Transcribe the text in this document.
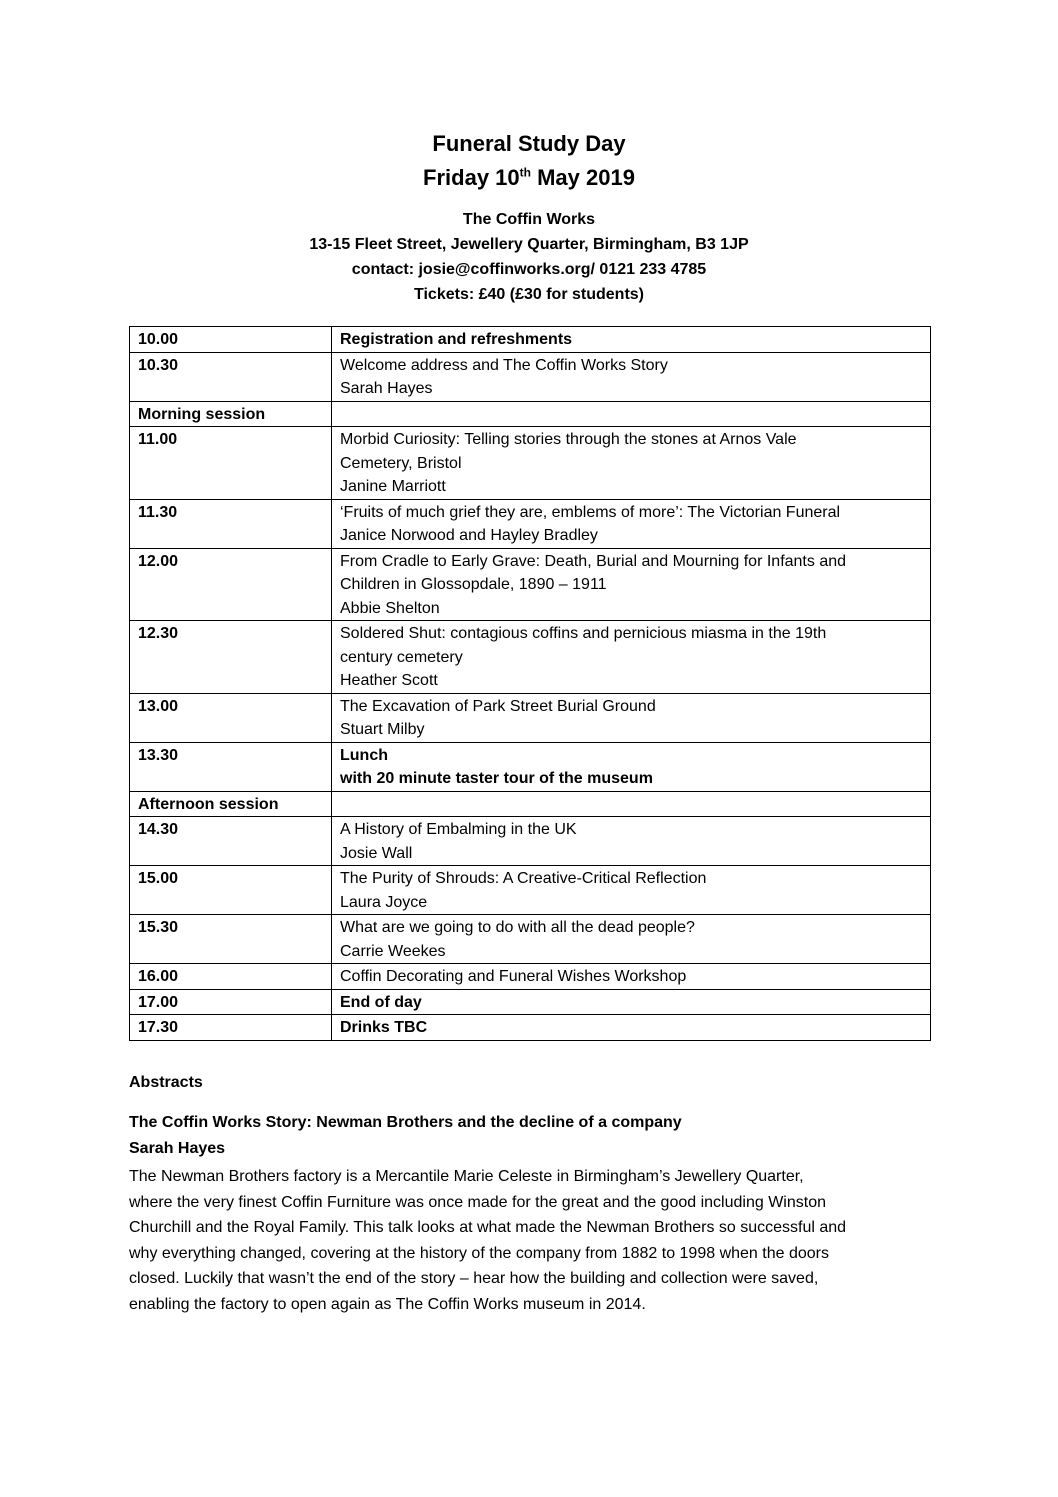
Funeral Study Day
Friday 10th May 2019
The Coffin Works
13-15 Fleet Street, Jewellery Quarter, Birmingham, B3 1JP
contact: josie@coffinworks.org/ 0121 233 4785
Tickets: £40 (£30 for students)
10.00	Registration and refreshments

10.30	Welcome address and The Coffin Works Story
Sarah Hayes

Morning session	
11.00	Morbid Curiosity: Telling stories through the stones at Arnos Vale
Cemetery, Bristol
Janine Marriott

11.30	‘Fruits of much grief they are, emblems of more’: The Victorian Funeral
Janice Norwood and Hayley Bradley

12.00	From Cradle to Early Grave: Death, Burial and Mourning for Infants and
Children in Glossopdale, 1890 – 1911
Abbie Shelton

12.30	Soldered Shut: contagious coffins and pernicious miasma in the 19th
century cemetery
Heather Scott

13.00	The Excavation of Park Street Burial Ground
Stuart Milby

13.30	Lunch
with 20 minute taster tour of the museum

Afternoon session	
14.30	A History of Embalming in the UK
Josie Wall

15.00	The Purity of Shrouds: A Creative-Critical Reflection
Laura Joyce

15.30	What are we going to do with all the dead people?
Carrie Weekes

16.00	Coffin Decorating and Funeral Wishes Workshop

17.00	End of day

17.30	Drinks TBC
Abstracts
The Coffin Works Story: Newman Brothers and the decline of a company
Sarah Hayes
The Newman Brothers factory is a Mercantile Marie Celeste in Birmingham’s Jewellery Quarter,
where the very finest Coffin Furniture was once made for the great and the good including Winston
Churchill and the Royal Family. This talk looks at what made the Newman Brothers so successful and
why everything changed, covering at the history of the company from 1882 to 1998 when the doors
closed. Luckily that wasn’t the end of the story – hear how the building and collection were saved,
enabling the factory to open again as The Coffin Works museum in 2014.
